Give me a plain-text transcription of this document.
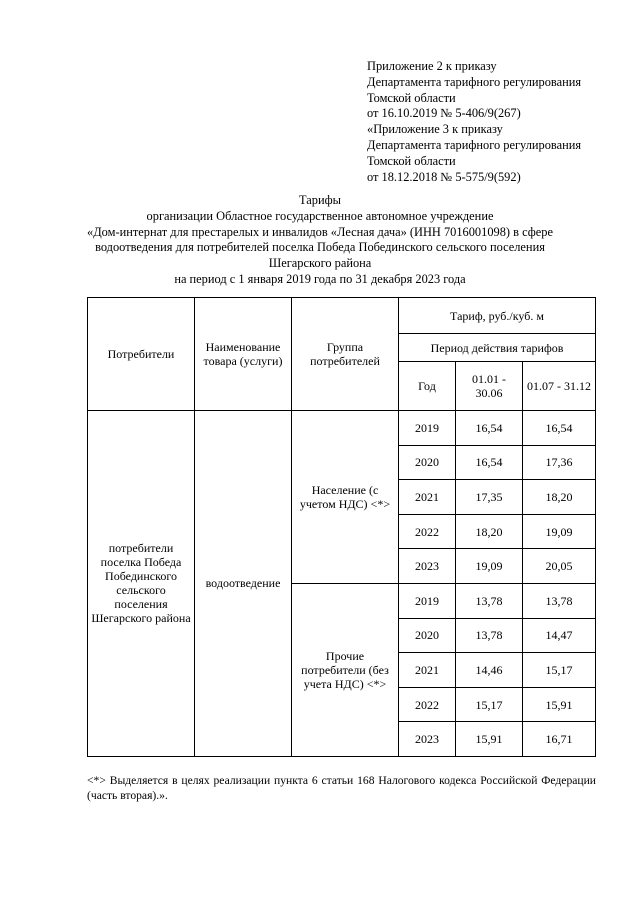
Приложение 2 к приказу
Департамента тарифного регулирования
Томской области
от 16.10.2019 № 5-406/9(267)
«Приложение 3 к приказу
Департамента тарифного регулирования
Томской области
от 18.12.2018 № 5-575/9(592)
Тарифы
организации Областное государственное автономное учреждение
«Дом-интернат для престарелых и инвалидов «Лесная дача» (ИНН 7016001098) в сфере
водоотведения для потребителей поселка Победа Побединского сельского поселения
Шегарского района
на период с 1 января 2019 года по 31 декабря 2023 года
Потребители	Наименование товара (услуги)	Группа потребителей	Тариф, руб./куб. м		
			Период действия тарифов		
			Год	01.01 - 30.06	01.07 - 31.12
потребители поселка Победа Побединского сельского поселения Шегарского района	водоотведение	Население (с учетом НДС) <*>	2019	16,54	16,54
			2020	16,54	17,36
			2021	17,35	18,20
			2022	18,20	19,09
			2023	19,09	20,05
		Прочие потребители (без учета НДС) <*>	2019	13,78	13,78
			2020	13,78	14,47
			2021	14,46	15,17
			2022	15,17	15,91
			2023	15,91	16,71
<*> Выделяется в целях реализации пункта 6 статьи 168 Налогового кодекса Российской Федерации (часть вторая).».
